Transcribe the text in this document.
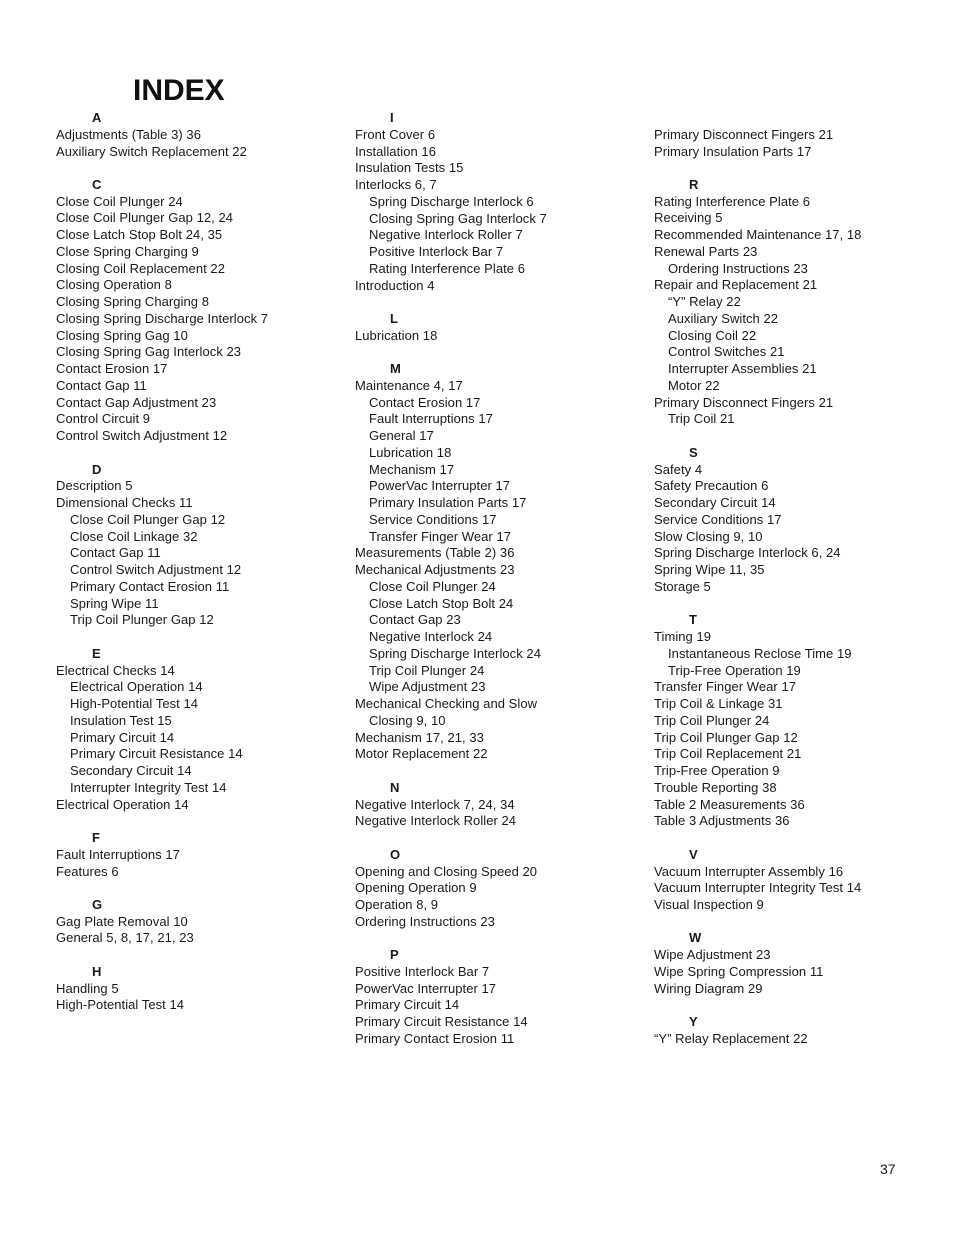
INDEX
A
Adjustments (Table 3) 36
Auxiliary Switch Replacement 22
C
Close Coil Plunger 24
Close Coil Plunger Gap 12, 24
Close Latch Stop Bolt 24, 35
Close Spring Charging 9
Closing Coil Replacement 22
Closing Operation 8
Closing Spring Charging 8
Closing Spring Discharge Interlock 7
Closing Spring Gag 10
Closing Spring Gag Interlock 23
Contact Erosion 17
Contact Gap 11
Contact Gap Adjustment 23
Control Circuit 9
Control Switch Adjustment 12
D
Description 5
Dimensional Checks 11
Close Coil Plunger Gap 12
Close Coil Linkage 32
Contact Gap 11
Control Switch Adjustment 12
Primary Contact Erosion 11
Spring Wipe 11
Trip Coil Plunger Gap 12
E
Electrical Checks 14
Electrical Operation 14
High-Potential Test 14
Insulation Test 15
Primary Circuit 14
Primary Circuit Resistance 14
Secondary Circuit 14
Interrupter Integrity Test 14
Electrical Operation 14
F
Fault Interruptions 17
Features 6
G
Gag Plate Removal 10
General 5, 8, 17, 21, 23
H
Handling 5
High-Potential Test 14
I
Front Cover 6
Installation 16
Insulation Tests 15
Interlocks 6, 7
Spring Discharge Interlock 6
Closing Spring Gag Interlock 7
Negative Interlock Roller 7
Positive Interlock Bar 7
Rating Interference Plate 6
Introduction 4
L
Lubrication 18
M
Maintenance 4, 17
Contact Erosion 17
Fault Interruptions 17
General 17
Lubrication 18
Mechanism 17
PowerVac Interrupter 17
Primary Insulation Parts 17
Service Conditions 17
Transfer Finger Wear 17
Measurements (Table 2) 36
Mechanical Adjustments 23
Close Coil Plunger 24
Close Latch Stop Bolt 24
Contact Gap 23
Negative Interlock 24
Spring Discharge Interlock 24
Trip Coil Plunger 24
Wipe Adjustment 23
Mechanical Checking and Slow
Closing 9, 10
Mechanism 17, 21, 33
Motor Replacement 22
N
Negative Interlock 7, 24, 34
Negative Interlock Roller 24
O
Opening and Closing Speed 20
Opening Operation 9
Operation 8, 9
Ordering Instructions 23
P
Positive Interlock Bar 7
PowerVac Interrupter 17
Primary Circuit 14
Primary Circuit Resistance 14
Primary Contact Erosion 11
Primary Disconnect Fingers 21
Primary Insulation Parts 17
R
Rating Interference Plate 6
Receiving 5
Recommended Maintenance 17, 18
Renewal Parts 23
Ordering Instructions 23
Repair and Replacement 21
“Y” Relay 22
Auxiliary Switch 22
Closing Coil 22
Control Switches 21
Interrupter Assemblies 21
Motor 22
Primary Disconnect Fingers 21
Trip Coil 21
S
Safety 4
Safety Precaution 6
Secondary Circuit 14
Service Conditions 17
Slow Closing 9, 10
Spring Discharge Interlock 6, 24
Spring Wipe 11, 35
Storage 5
T
Timing 19
Instantaneous Reclose Time 19
Trip-Free Operation 19
Transfer Finger Wear 17
Trip Coil & Linkage 31
Trip Coil Plunger 24
Trip Coil Plunger Gap 12
Trip Coil Replacement 21
Trip-Free Operation 9
Trouble Reporting 38
Table 2 Measurements 36
Table 3 Adjustments 36
V
Vacuum Interrupter Assembly 16
Vacuum Interrupter Integrity Test 14
Visual Inspection 9
W
Wipe Adjustment 23
Wipe Spring Compression 11
Wiring Diagram 29
Y
“Y” Relay Replacement 22
37
